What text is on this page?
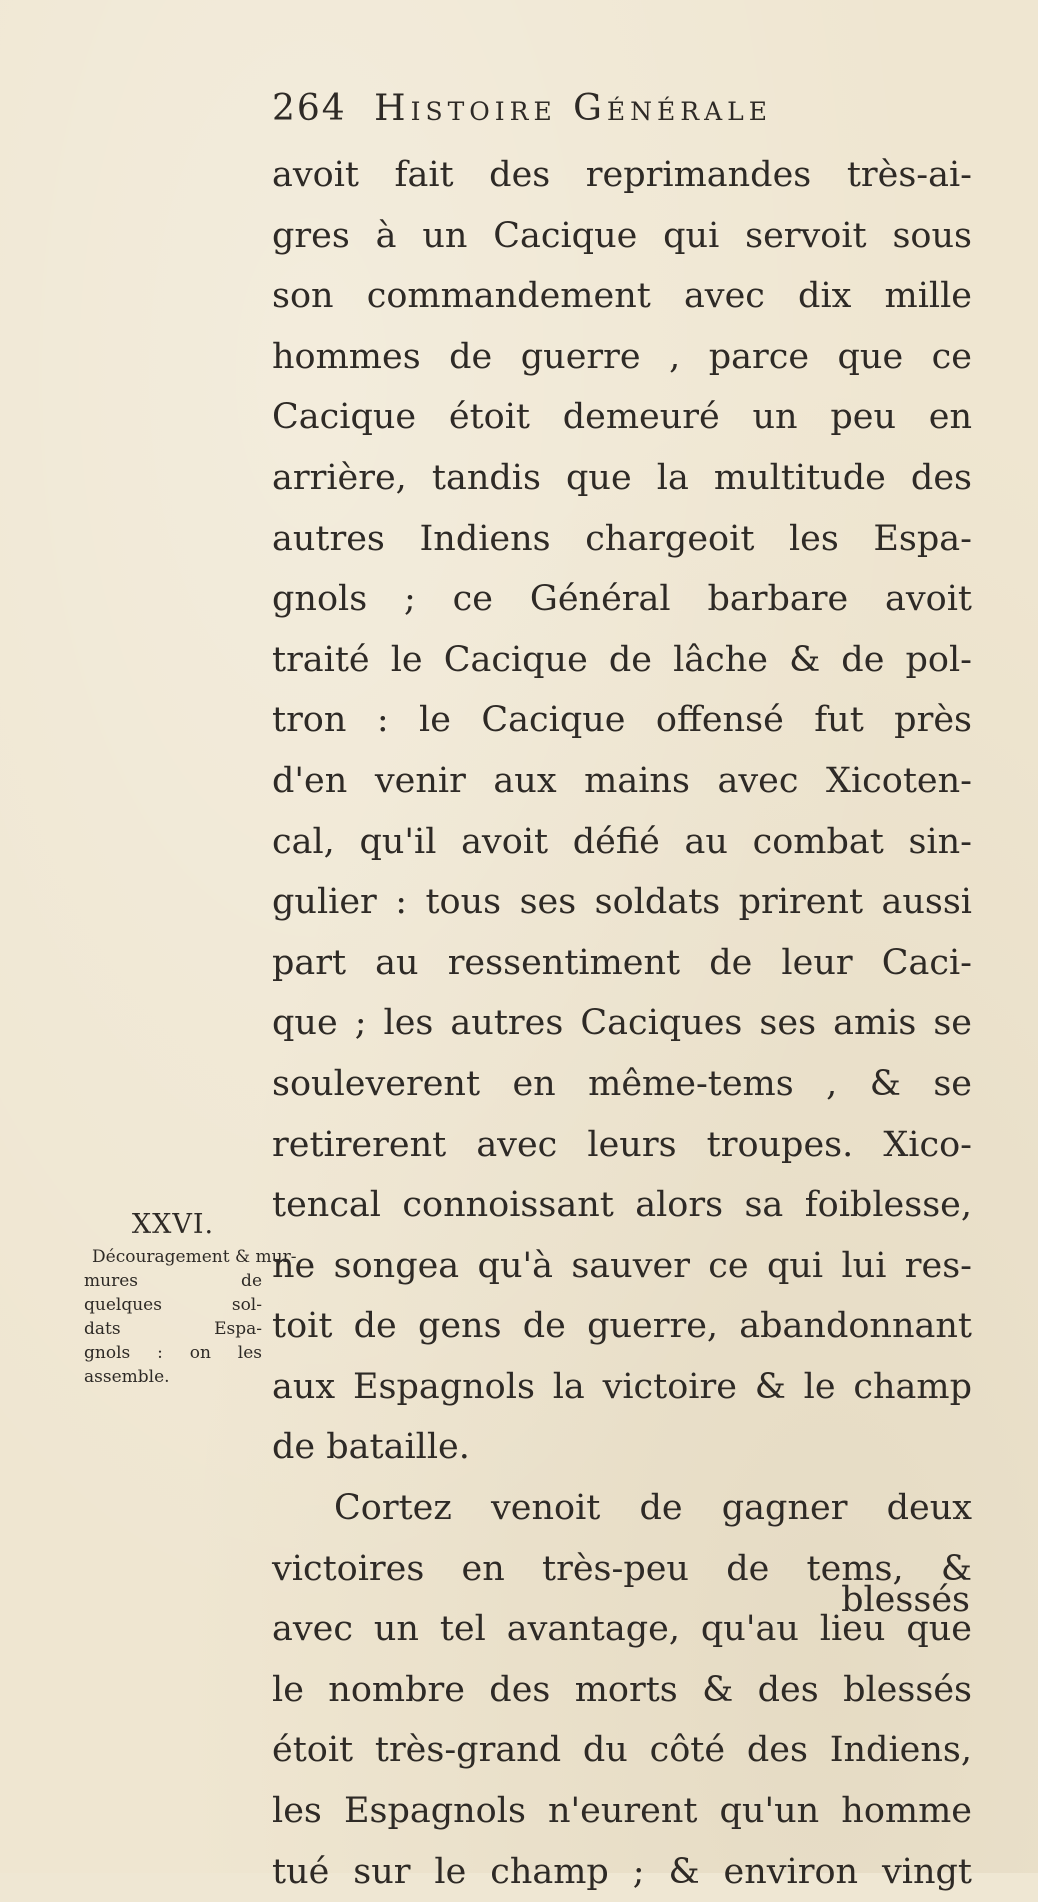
264 Histoire Générale
avoit fait des reprimandes très-ai-
gres à un Cacique qui servoit sous
son commandement avec dix mille
hommes de guerre , parce que ce
Cacique étoit demeuré un peu en
arrière, tandis que la multitude des
autres Indiens chargeoit les Espa-
gnols ; ce Général barbare avoit
traité le Cacique de lâche & de pol-
tron : le Cacique offensé fut près
d'en venir aux mains avec Xicoten-
cal, qu'il avoit défié au combat sin-
gulier : tous ses soldats prirent aussi
part au ressentiment de leur Caci-
que ; les autres Caciques ses amis se
souleverent en même-tems , & se
retirerent avec leurs troupes. Xico-
tencal connoissant alors sa foiblesse,
ne songea qu'à sauver ce qui lui res-
toit de gens de guerre, abandonnant
aux Espagnols la victoire & le champ
de bataille.
Cortez venoit de gagner deux
victoires en très-peu de tems, &
avec un tel avantage, qu'au lieu que
le nombre des morts & des blessés
étoit très-grand du côté des Indiens,
les Espagnols n'eurent qu'un homme
tué sur le champ ; & environ vingt
XXVI.
Découragement & mur-
mures de
quelques sol-
dats Espa-
gnols : on les
assemble.
blessés
